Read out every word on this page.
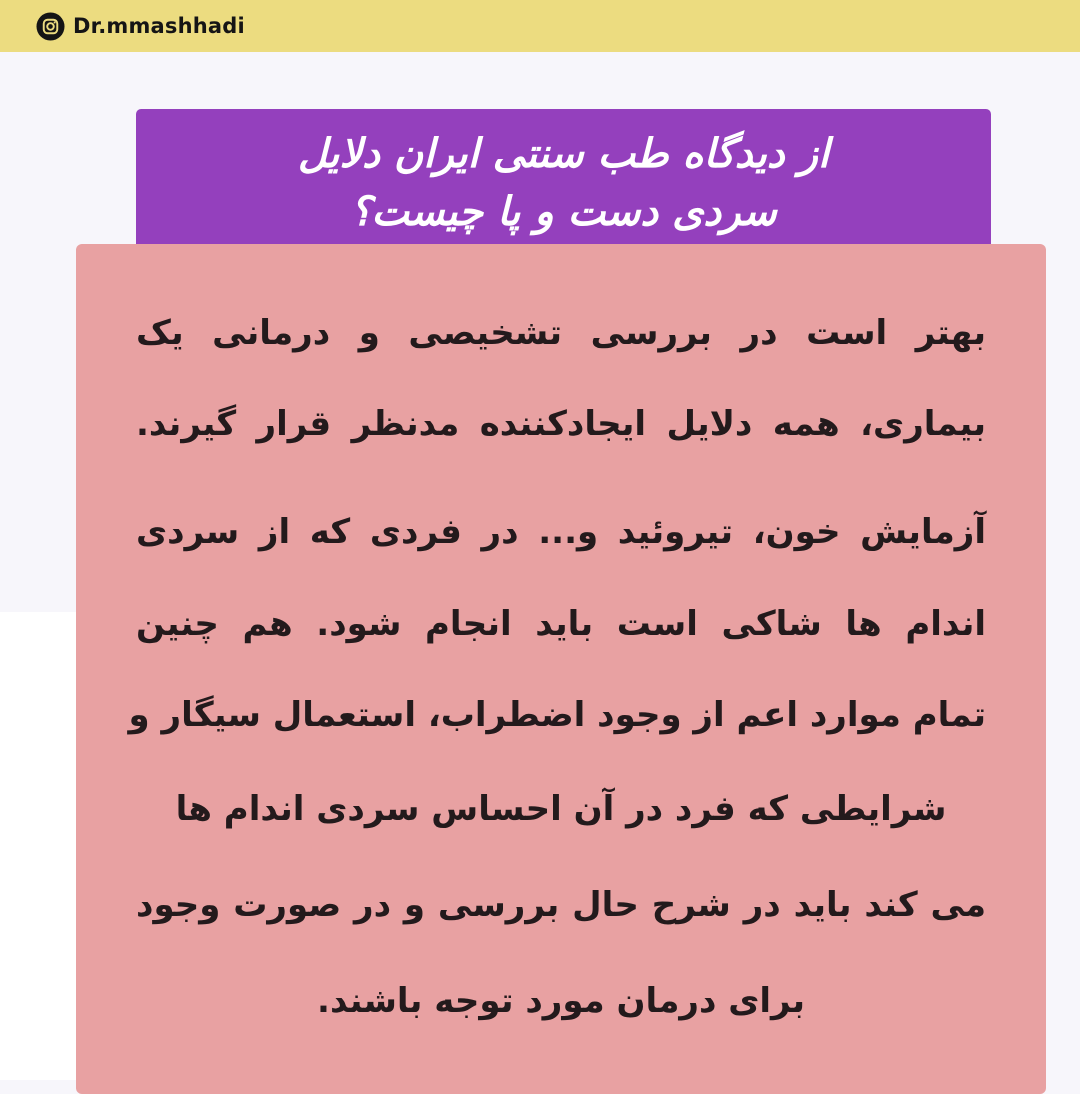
Dr.mmashhadi
از دیدگاه طب سنتی ایران دلایل
سردی دست و پا چیست؟
بهتر است در بررسی تشخیصی و درمانی یک
بیماری، همه دلایل ایجادکننده مدنظر قرار گیرند.
آزمایش خون، تیروئید و... در فردی که از سردی
اندام ها شاکی است باید انجام شود. هم چنین
تمام موارد اعم از وجود اضطراب، استعمال سیگار و
شرایطی که فرد در آن احساس سردی اندام ها
می کند باید در شرح حال بررسی و در صورت وجود
برای درمان مورد توجه باشند.
